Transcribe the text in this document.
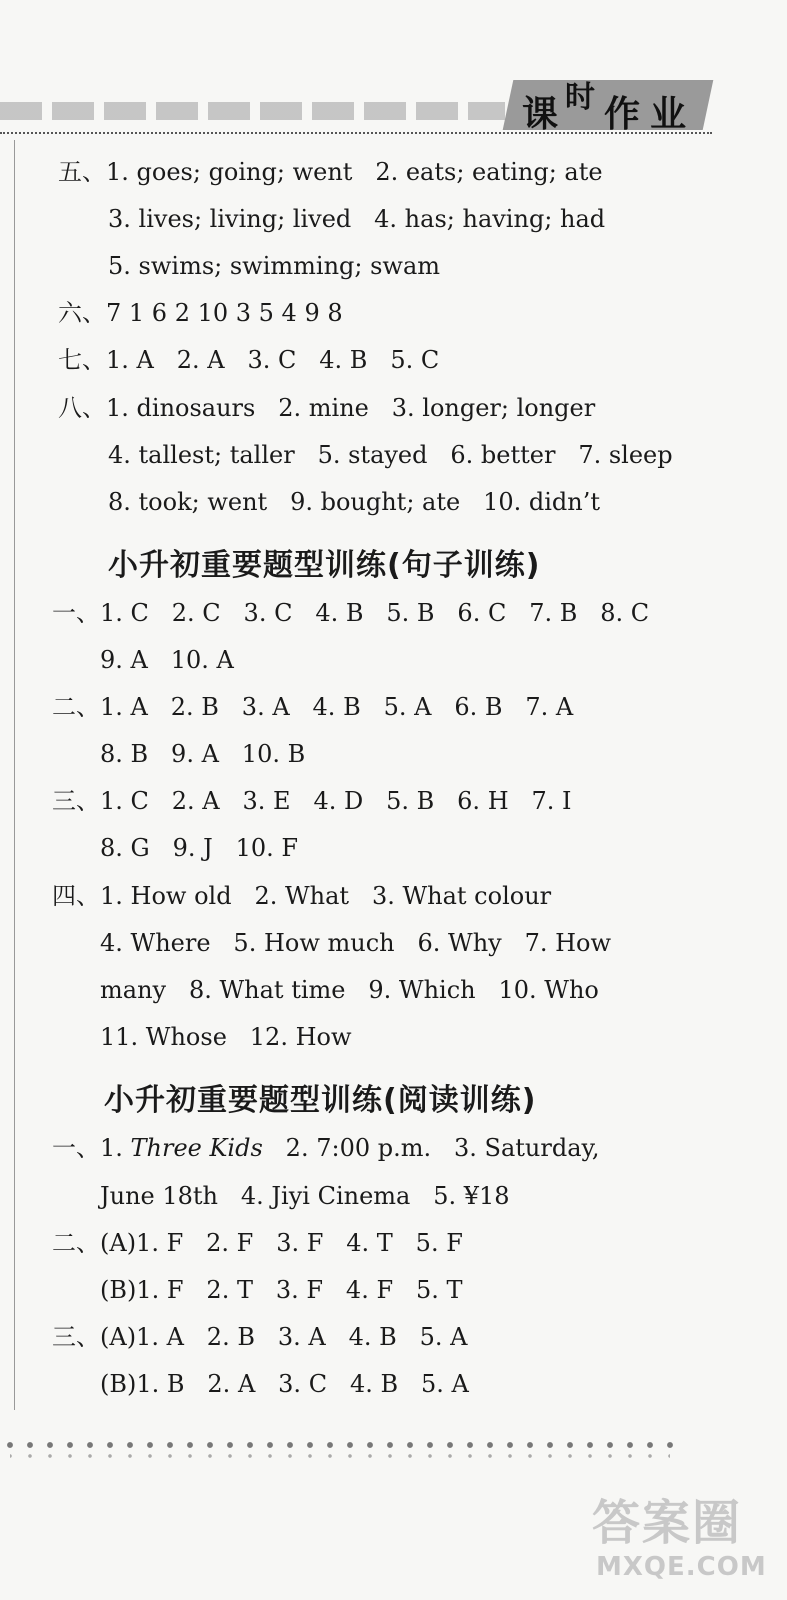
课 时 作 业
五、1. goes; going; went   2. eats; eating; ate
3. lives; living; lived   4. has; having; had
5. swims; swimming; swam
六、7 1 6 2 10 3 5 4 9 8
七、1. A   2. A   3. C   4. B   5. C
八、1. dinosaurs   2. mine   3. longer; longer
4. tallest; taller   5. stayed   6. better   7. sleep
8. took; went   9. bought; ate   10. didn’t
小升初重要题型训练(句子训练)
一、1. C   2. C   3. C   4. B   5. B   6. C   7. B   8. C
9. A   10. A
二、1. A   2. B   3. A   4. B   5. A   6. B   7. A
8. B   9. A   10. B
三、1. C   2. A   3. E   4. D   5. B   6. H   7. I
8. G   9. J   10. F
四、1. How old   2. What   3. What colour
4. Where   5. How much   6. Why   7. How
many   8. What time   9. Which   10. Who
11. Whose   12. How
小升初重要题型训练(阅读训练)
一、1. Three Kids   2. 7:00 p.m.   3. Saturday,
June 18th   4. Jiyi Cinema   5. ¥18
二、(A)1. F   2. F   3. F   4. T   5. F
(B)1. F   2. T   3. F   4. F   5. T
三、(A)1. A   2. B   3. A   4. B   5. A
(B)1. B   2. A   3. C   4. B   5. A
答案圈
MXQE.COM
